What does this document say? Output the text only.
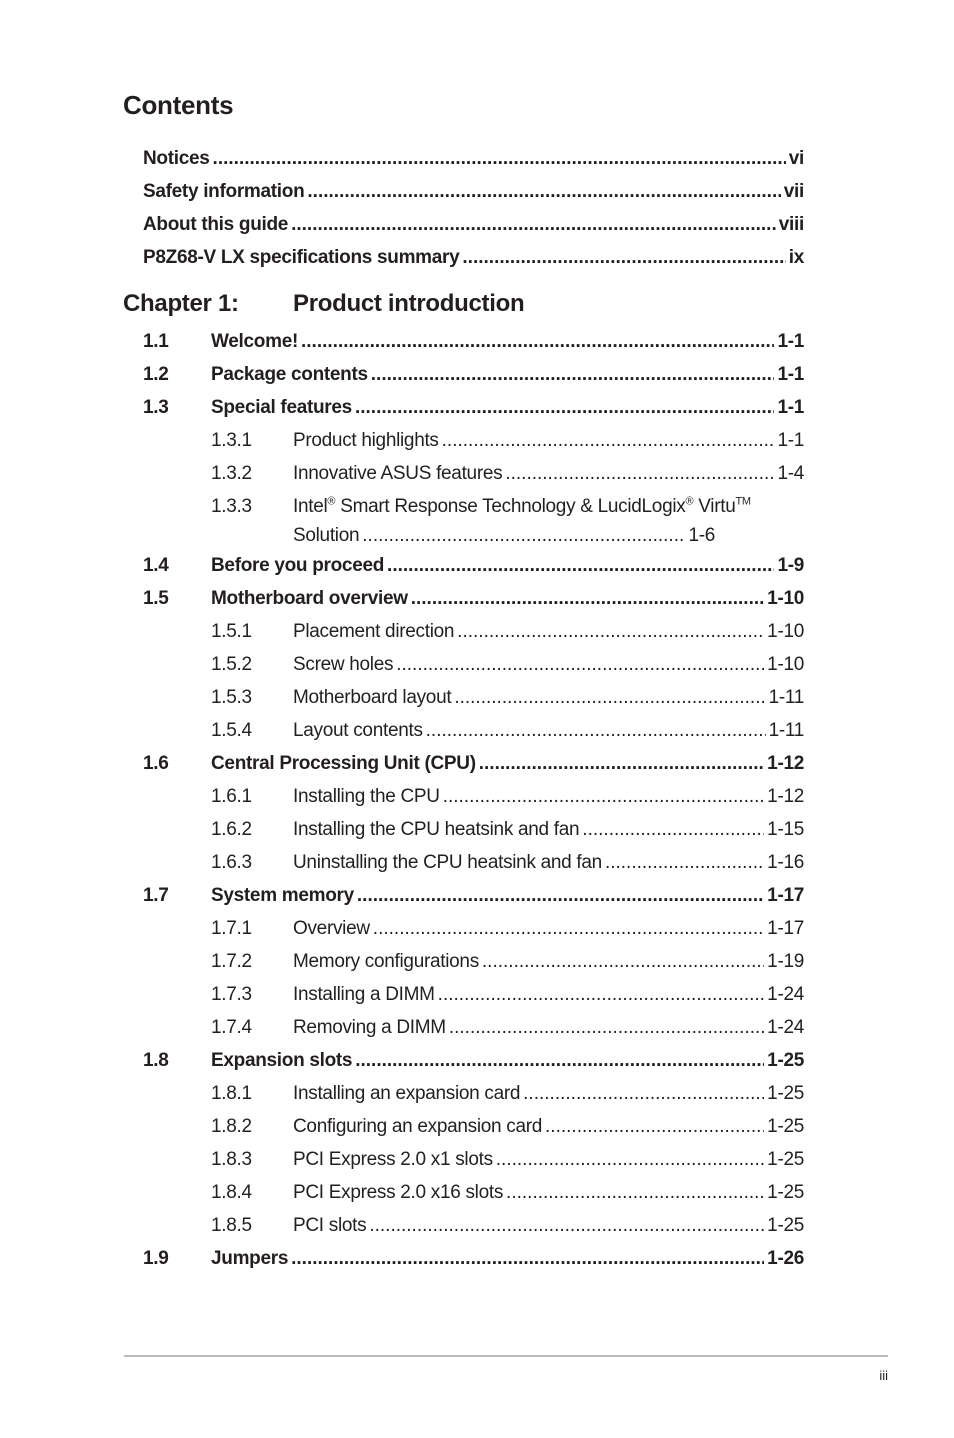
Contents
Notices .....	vi
Safety information .....	vii
About this guide .....	viii
P8Z68-V LX specifications summary .....	ix
Chapter 1:	Product introduction
1.1	Welcome! .....	1-1
1.2	Package contents .....	1-1
1.3	Special features .....	1-1
1.3.1	Product highlights .....	1-1
1.3.2	Innovative ASUS features .....	1-4
1.3.3	Intel® Smart Response Technology & LucidLogix® Virtu™
Solution .....	1-6
1.4	Before you proceed .....	1-9
1.5	Motherboard overview .....	1-10
1.5.1	Placement direction .....	1-10
1.5.2	Screw holes .....	1-10
1.5.3	Motherboard layout .....	1-11
1.5.4	Layout contents .....	1-11
1.6	Central Processing Unit (CPU) .....	1-12
1.6.1	Installing the CPU .....	1-12
1.6.2	Installing the CPU heatsink and fan .....	1-15
1.6.3	Uninstalling the CPU heatsink and fan .....	1-16
1.7	System memory .....	1-17
1.7.1	Overview .....	1-17
1.7.2	Memory configurations .....	1-19
1.7.3	Installing a DIMM .....	1-24
1.7.4	Removing a DIMM .....	1-24
1.8	Expansion slots .....	1-25
1.8.1	Installing an expansion card .....	1-25
1.8.2	Configuring an expansion card .....	1-25
1.8.3	PCI Express 2.0 x1 slots .....	1-25
1.8.4	PCI Express 2.0 x16 slots .....	1-25
1.8.5	PCI slots .....	1-25
1.9	Jumpers .....	1-26
iii
